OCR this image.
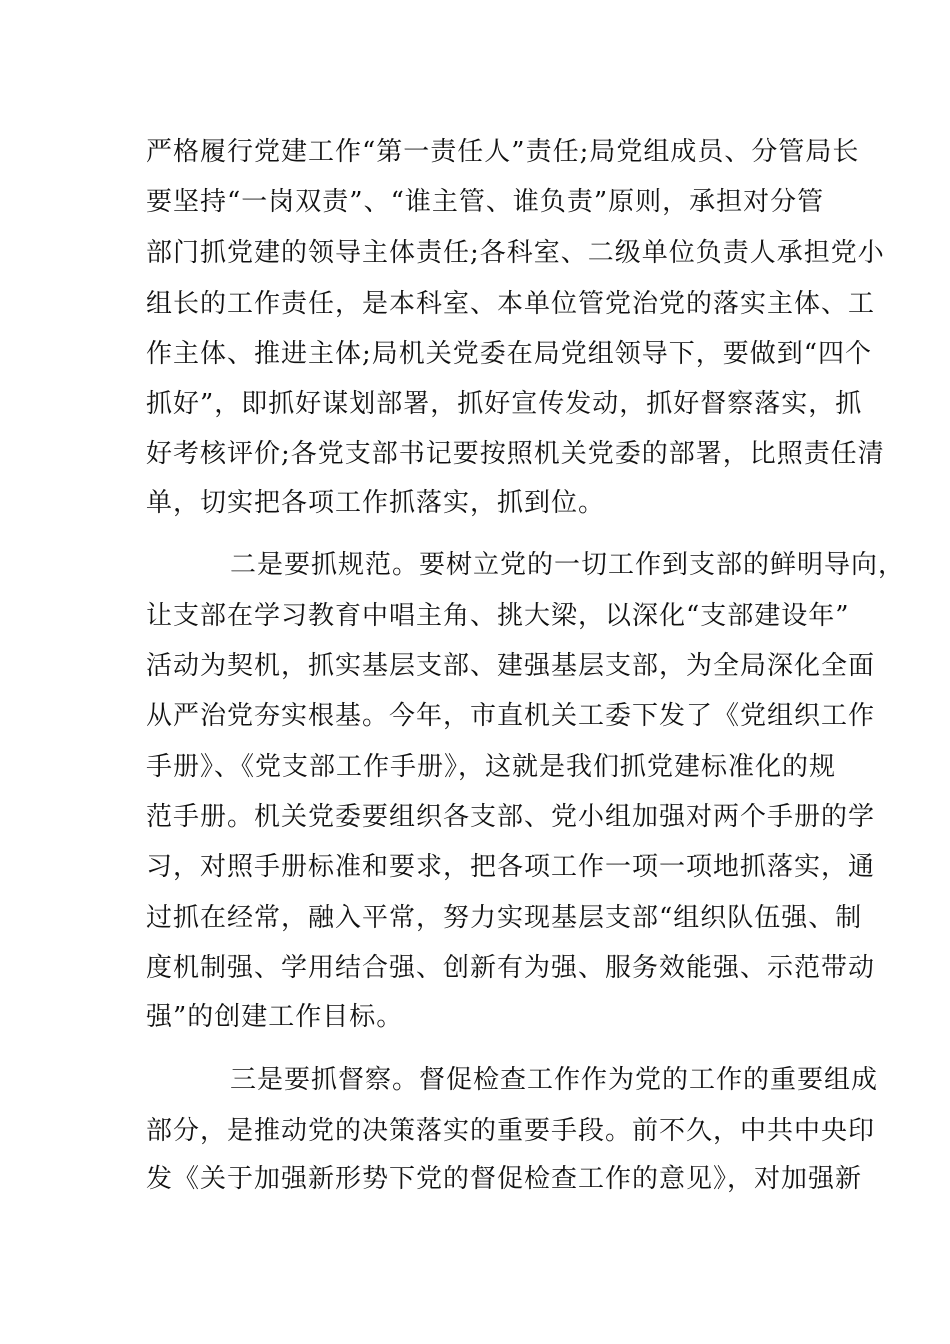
严格履行党建工作“第一责任人”责任;局党组成员、分管局长
要坚持“一岗双责”、“谁主管、谁负责”原则，承担对分管
部门抓党建的领导主体责任;各科室、二级单位负责人承担党小
组长的工作责任，是本科室、本单位管党治党的落实主体、工
作主体、推进主体;局机关党委在局党组领导下，要做到“四个
抓好”，即抓好谋划部署，抓好宣传发动，抓好督察落实，抓
好考核评价;各党支部书记要按照机关党委的部署，比照责任清
单，切实把各项工作抓落实，抓到位。
二是要抓规范。要树立党的一切工作到支部的鲜明导向，
让支部在学习教育中唱主角、挑大梁，以深化“支部建设年”
活动为契机，抓实基层支部、建强基层支部，为全局深化全面
从严治党夯实根基。今年，市直机关工委下发了《党组织工作
手册》、《党支部工作手册》，这就是我们抓党建标准化的规
范手册。机关党委要组织各支部、党小组加强对两个手册的学
习，对照手册标准和要求，把各项工作一项一项地抓落实，通
过抓在经常，融入平常，努力实现基层支部“组织队伍强、制
度机制强、学用结合强、创新有为强、服务效能强、示范带动
强”的创建工作目标。
三是要抓督察。督促检查工作作为党的工作的重要组成
部分，是推动党的决策落实的重要手段。前不久，中共中央印
发《关于加强新形势下党的督促检查工作的意见》，对加强新
